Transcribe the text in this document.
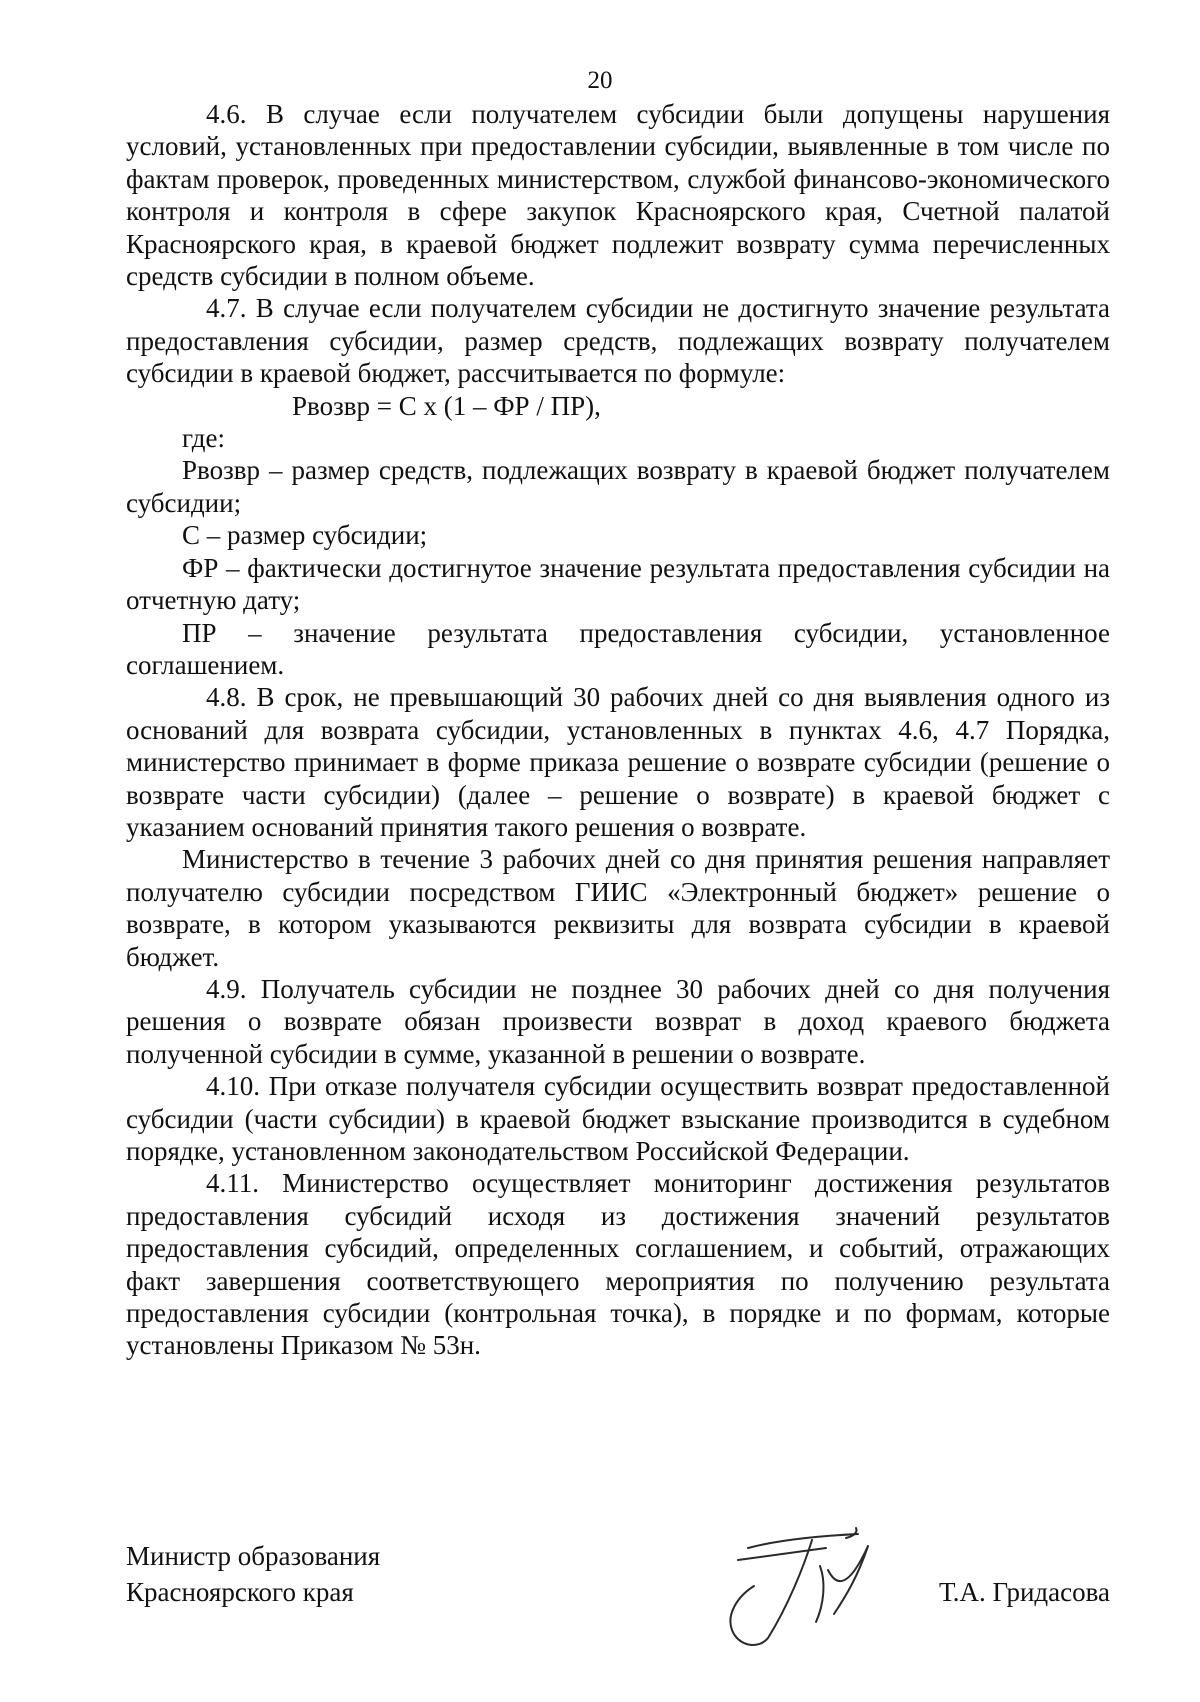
20

4.6. В случае если получателем субсидии были допущены нарушения условий, установленных при предоставлении субсидии, выявленные в том числе по фактам проверок, проведенных министерством, службой финансово-экономического контроля и контроля в сфере закупок Красноярского края, Счетной палатой Красноярского края, в краевой бюджет подлежит возврату сумма перечисленных средств субсидии в полном объеме.

4.7. В случае если получателем субсидии не достигнуто значение результата предоставления субсидии, размер средств, подлежащих возврату получателем субсидии в краевой бюджет, рассчитывается по формуле:

Рвозвр = С x (1 – ФР / ПР),

где:

Рвозвр – размер средств, подлежащих возврату в краевой бюджет получателем субсидии;

С – размер субсидии;

ФР – фактически достигнутое значение результата предоставления субсидии на отчетную дату;

ПР – значение результата предоставления субсидии, установленное соглашением.

4.8. В срок, не превышающий 30 рабочих дней со дня выявления одного из оснований для возврата субсидии, установленных в пунктах 4.6, 4.7 Порядка, министерство принимает в форме приказа решение о возврате субсидии (решение о возврате части субсидии) (далее – решение о возврате) в краевой бюджет с указанием оснований принятия такого решения о возврате.

Министерство в течение 3 рабочих дней со дня принятия решения направляет получателю субсидии посредством ГИИС «Электронный бюджет» решение о возврате, в котором указываются реквизиты для возврата субсидии в краевой бюджет.

4.9. Получатель субсидии не позднее 30 рабочих дней со дня получения решения о возврате обязан произвести возврат в доход краевого бюджета полученной субсидии в сумме, указанной в решении о возврате.

4.10. При отказе получателя субсидии осуществить возврат предоставленной субсидии (части субсидии) в краевой бюджет взыскание производится в судебном порядке, установленном законодательством Российской Федерации.

4.11. Министерство осуществляет мониторинг достижения результатов предоставления субсидий исходя из достижения значений результатов предоставления субсидий, определенных соглашением, и событий, отражающих факт завершения соответствующего мероприятия по получению результата предоставления субсидии (контрольная точка), в порядке и по формам, которые установлены Приказом № 53н.

Министр образования
Красноярского края	Т.А. Гридасова
